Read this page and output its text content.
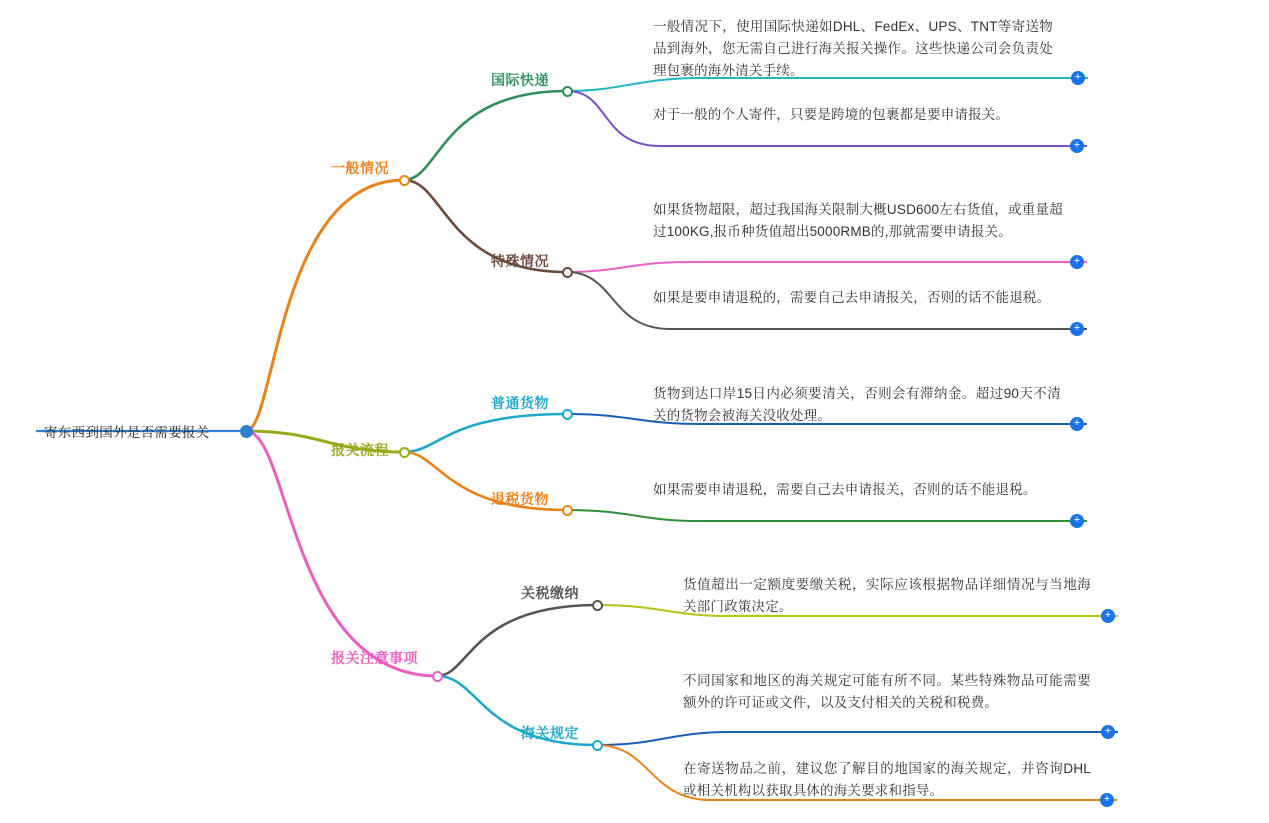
寄东西到国外是否需要报关
一般情况
国际快递
一般情况下，使用国际快递如DHL、FedEx、UPS、TNT等寄送物品到海外，您无需自己进行海关报关操作。这些快递公司会负责处理包裹的海外清关手续。	+
对于一般的个人寄件，只要是跨境的包裹都是要申请报关。
+
特殊情况
如果货物超限，超过我国海关限制大概USD600左右货值，或重量超过100KG,报币种货值超出5000RMB的,那就需要申请报关。
+
如果是要申请退税的，需要自己去申请报关，否则的话不能退税。
+
报关流程
普通货物
货物到达口岸15日内必须要清关，否则会有滞纳金。超过90天不清关的货物会被海关没收处理。
+
退税货物
如果需要申请退税，需要自己去申请报关，否则的话不能退税。
+
报关注意事项
关税缴纳
货值超出一定额度要缴关税，实际应该根据物品详细情况与当地海关部门政策决定。
+
海关规定
不同国家和地区的海关规定可能有所不同。某些特殊物品可能需要额外的许可证或文件，以及支付相关的关税和税费。
+
在寄送物品之前，建议您了解目的地国家的海关规定，并咨询DHL或相关机构以获取具体的海关要求和指导。
+
